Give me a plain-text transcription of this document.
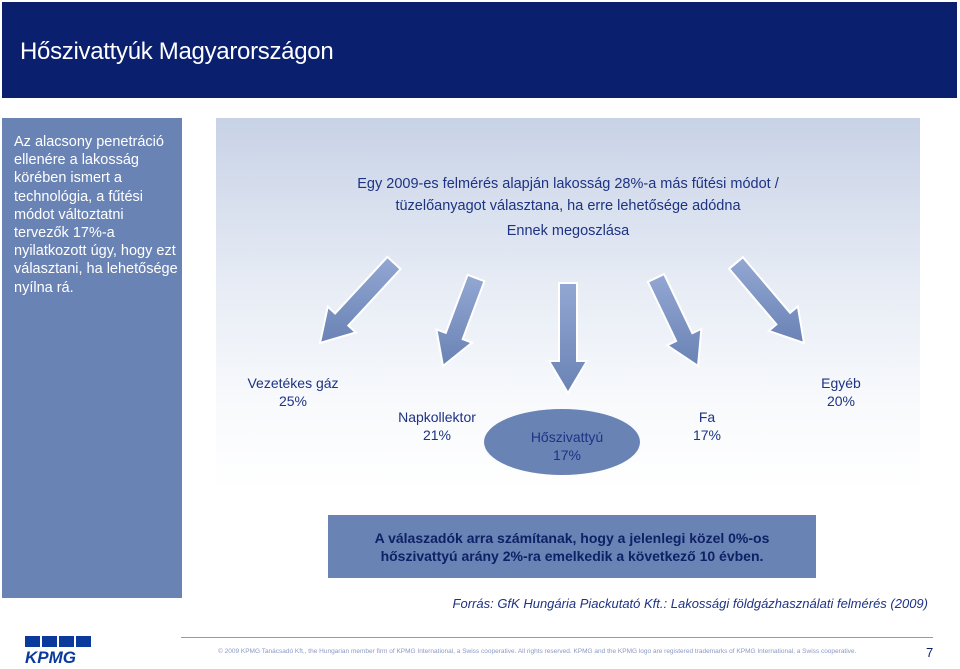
Hőszivattyúk Magyarországon

Az alacsony penetráció ellenére a lakosság körében ismert a technológia, a fűtési módot változtatni tervezők 17%-a nyilatkozott úgy, hogy ezt választani, ha lehetősége nyílna rá.

Egy 2009-es felmérés alapján lakosság 28%-a más fűtési módot /
tüzelőanyagot választana, ha erre lehetősége adódna

Ennek megoszlása

Vezetékes gáz
25%
Napkollektor
21%	Hőszivattyú
17%
Fa
17%
Egyéb
20%
A válaszadók arra számítanak, hogy a jelenlegi közel 0%-os
hőszivattyú arány 2%-ra emelkedik a következő 10 évben.
Forrás: GfK Hungária Piackutató Kft.: Lakossági földgázhasználati felmérés (2009)
KPMG	© 2009 KPMG Tanácsadó Kft., the Hungarian member firm of KPMG International, a Swiss cooperative. All rights reserved. KPMG and the KPMG logo are registered trademarks of KPMG International, a Swiss cooperative.	7
